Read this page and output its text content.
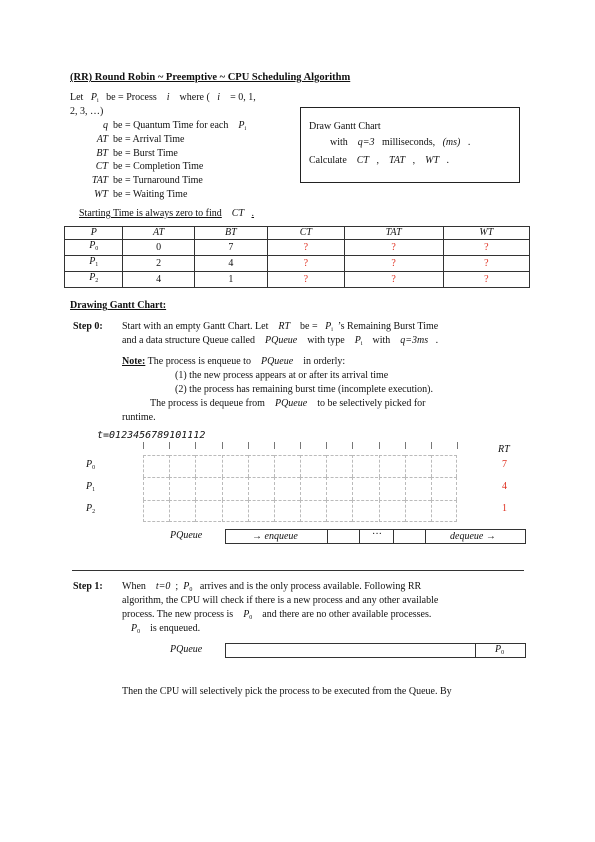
(RR) Round Robin ~ Preemptive ~ CPU Scheduling Algorithm
Let $P_i$ be = Process i where ( i = 0, 1,
2, 3, …)
q be = Quantum Time for each $P_i$
AT be = Arrival Time
BT be = Burst Time
CT be = Completion Time
TAT be = Turnaround Time
WT be = Waiting Time
Starting Time is always zero to find CT .
Draw Gantt Chart
with q=3 milliseconds, (ms) .
Calculate CT , TAT , WT .
P	AT	BT	CT	TAT	WT
$P_0$	0	7	?	?	?
$P_1$	2	4	?	?	?
$P_2$	4	1	?	?	?
Drawing Gantt Chart:
Step 0: Start with an empty Gantt Chart. Let RT be = $P_i$ ’s Remaining Burst Time
and a data structure Queue called PQueue with type $P_i$ with q=3ms .
Note: The process is enqueue to PQueue in orderly:
(1) the new process appears at or after its arrival time
(2) the process has remaining burst time (incomplete execution).
The process is dequeue from PQueue to be selectively picked for
runtime.
t=0123456789101112
RT
$P_0$	7
$P_1$	4
$P_2$	1
PQueue	→ enqueue	···	dequeue →
Step 1: When t=0 ; $P_0$ arrives and is the only process available. Following RR
algorithm, the CPU will check if there is a new process and any other available
process. The new process is $P_0$ and there are no other available processes.
$P_0$ is enqueued.
PQueue	$P_0$
Then the CPU will selectively pick the process to be executed from the Queue. By
